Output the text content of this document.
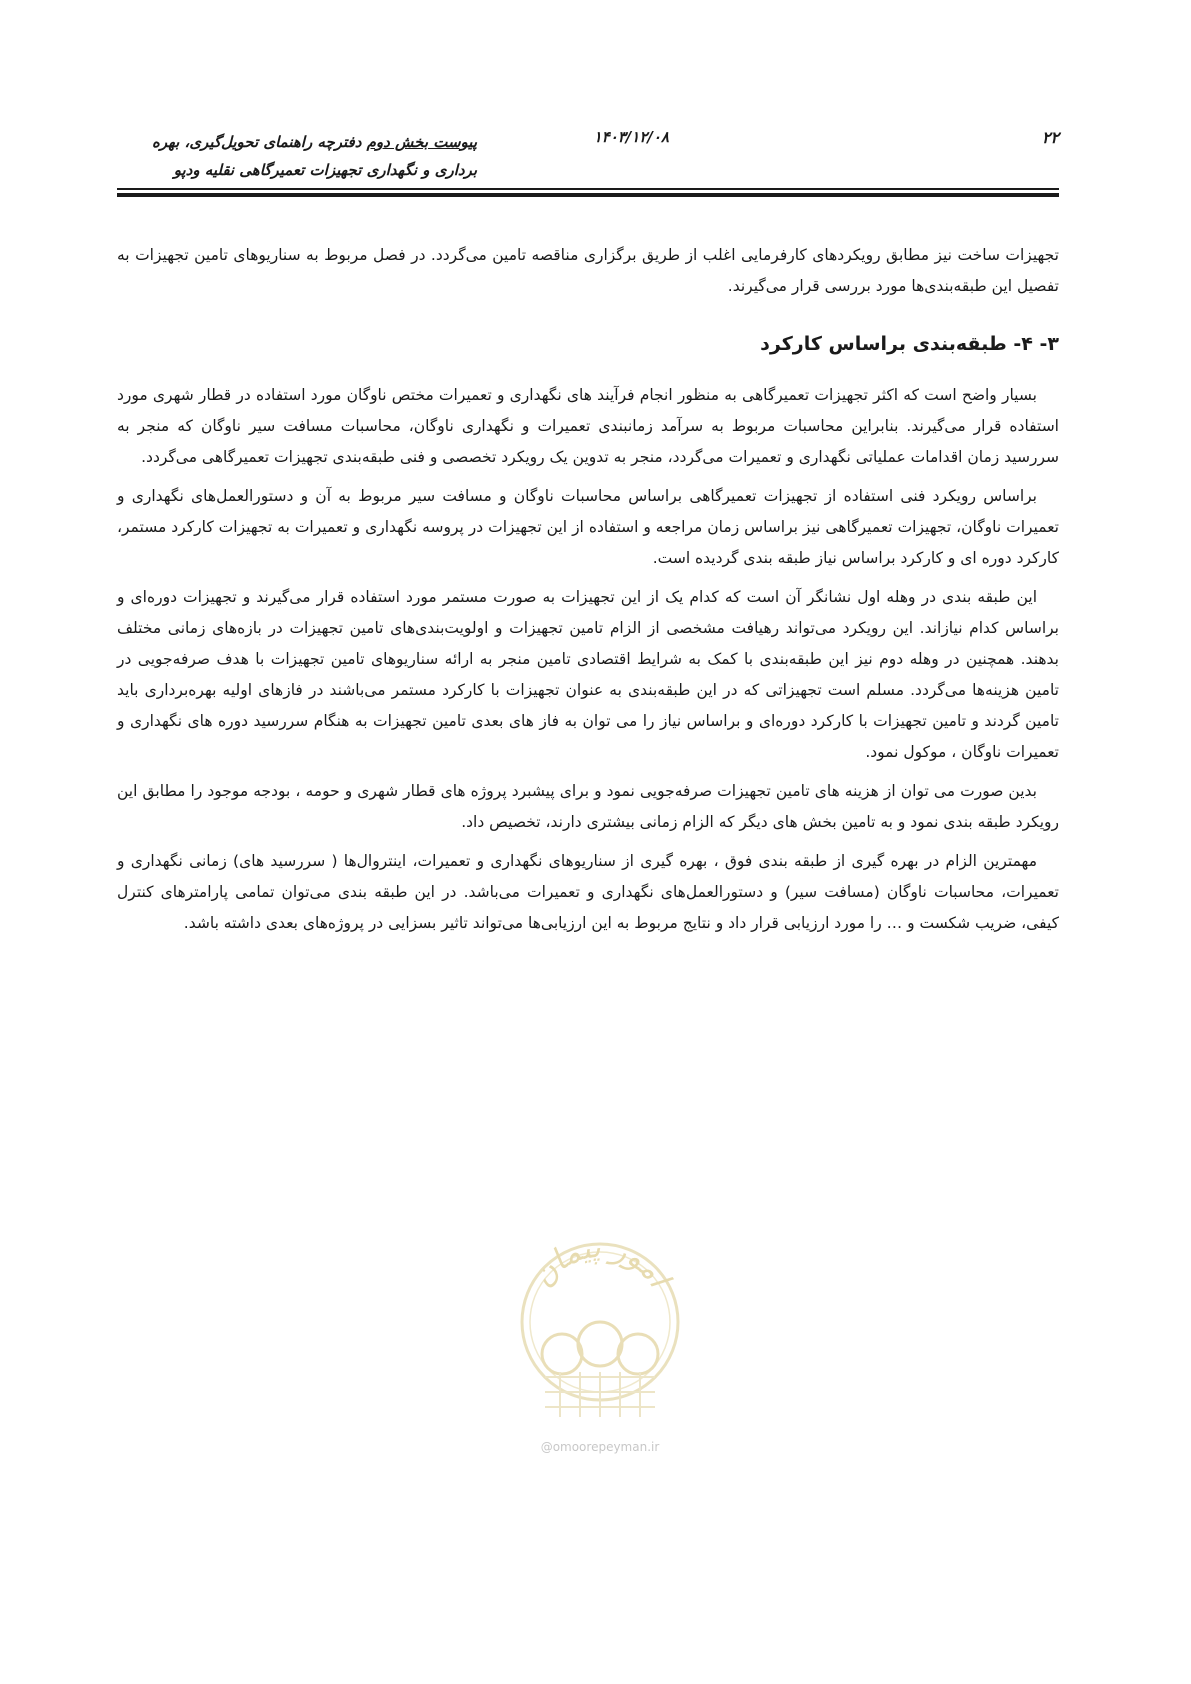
۲۲
۱۴۰۳/۱۲/۰۸
پیوست بخش دوم دفترچه راهنمای تحویل‌گیری، بهره
برداری و نگهداری تجهیزات تعمیرگاهی نقلیه ودپو

تجهیزات ساخت نیز مطابق رویکردهای کارفرمایی اغلب از طریق برگزاری مناقصه تامین می‌گردد. در فصل مربوط به سناریوهای تامین تجهیزات به تفصیل این طبقه‌بندی‌ها مورد بررسی قرار می‌گیرند.

۳- ۴- طبقه‌بندی براساس کارکرد

بسیار واضح است که اکثر تجهیزات تعمیرگاهی به منظور انجام فرآیند های نگهداری و تعمیرات مختص ناوگان مورد استفاده در قطار شهری مورد استفاده قرار می‌گیرند. بنابراین محاسبات مربوط به سرآمد زمانبندی تعمیرات و نگهداری ناوگان، محاسبات مسافت سیر ناوگان که منجر به سررسید زمان اقدامات عملیاتی نگهداری و تعمیرات می‌گردد، منجر به تدوین یک رویکرد تخصصی و فنی طبقه‌بندی تجهیزات تعمیرگاهی می‌گردد.

براساس رویکرد فنی استفاده از تجهیزات تعمیرگاهی براساس محاسبات ناوگان و مسافت سیر مربوط به آن و دستورالعمل‌های نگهداری و تعمیرات ناوگان، تجهیزات تعمیرگاهی نیز براساس زمان مراجعه و استفاده از این تجهیزات در پروسه نگهداری و تعمیرات به تجهیزات کارکرد مستمر، کارکرد دوره ای و کارکرد براساس نیاز طبقه بندی گردیده است.

این طبقه بندی در وهله اول نشانگر آن است که کدام یک از این تجهیزات به صورت مستمر مورد استفاده قرار می‌گیرند و تجهیزات دوره‌ای و براساس کدام نیازاند. این رویکرد می‌تواند رهیافت مشخصی از الزام تامین تجهیزات و اولویت‌بندی‌های تامین تجهیزات در بازه‌های زمانی مختلف بدهند. همچنین در وهله دوم نیز این طبقه‌بندی با کمک به شرایط اقتصادی تامین منجر به ارائه سناریوهای تامین تجهیزات با هدف صرفه‌جویی در تامین هزینه‌ها می‌گردد. مسلم است تجهیزاتی که در این طبقه‌بندی به عنوان تجهیزات با کارکرد مستمر می‌باشند در فازهای اولیه بهره‌برداری باید تامین گردند و تامین تجهیزات با کارکرد دوره‌ای و براساس نیاز را می توان به فاز های بعدی تامین تجهیزات به هنگام سررسید دوره های نگهداری و تعمیرات ناوگان ، موکول نمود.

بدین صورت می توان از هزینه های تامین تجهیزات صرفه‌جویی نمود و برای پیشبرد پروژه های قطار شهری و حومه ، بودجه موجود را مطابق این رویکرد طبقه بندی نمود و به تامین بخش های دیگر که الزام زمانی بیشتری دارند، تخصیص داد.

مهمترین الزام در بهره گیری از طبقه بندی فوق ، بهره گیری از سناریوهای نگهداری و تعمیرات، اینتروال‌ها ( سررسید های) زمانی نگهداری و تعمیرات، محاسبات ناوگان (مسافت سیر) و دستورالعمل‌های نگهداری و تعمیرات می‌باشد. در این طبقه بندی می‌توان تمامی پارامترهای کنترل کیفی، ضریب شکست و … را مورد ارزیابی قرار داد و نتایج مربوط به این ارزیابی‌ها می‌تواند تاثیر بسزایی در پروژه‌های بعدی داشته باشد.

امور پیمان
@omoorepeyman.ir
